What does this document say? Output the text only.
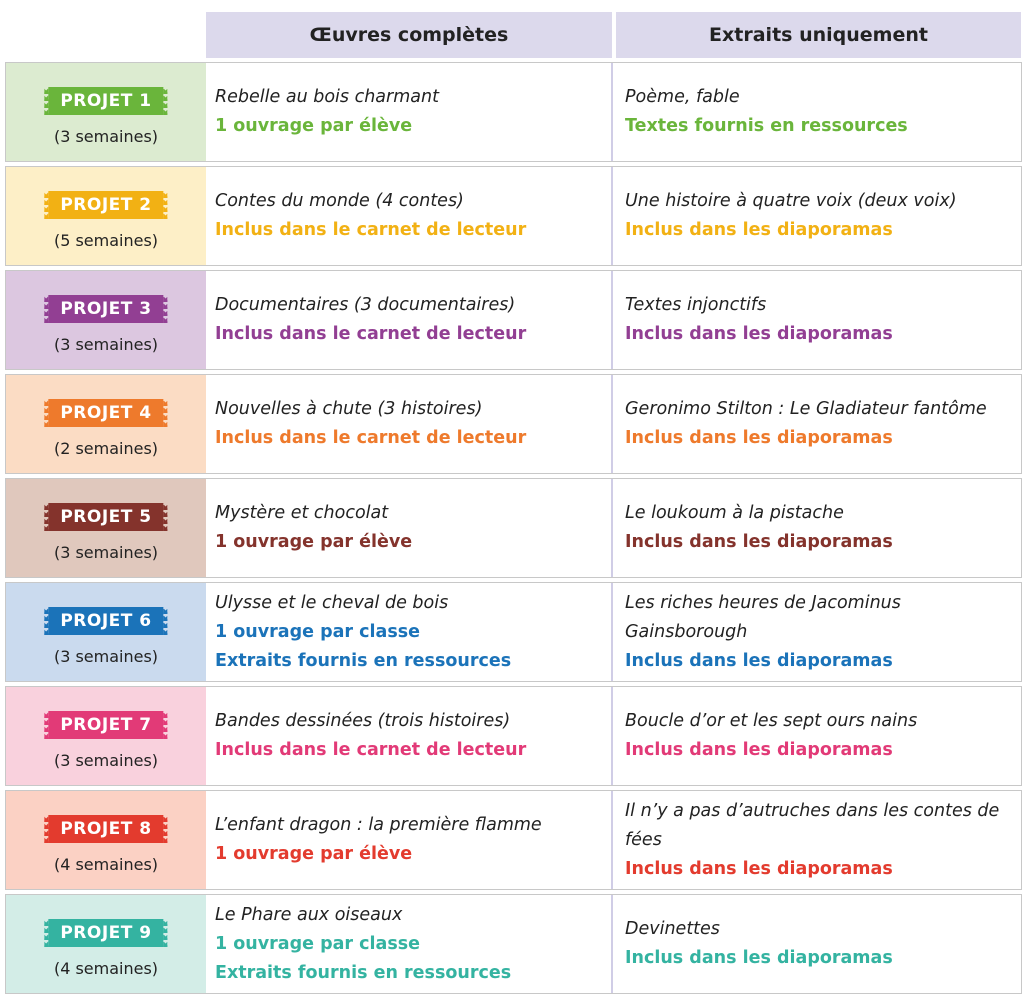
Œuvres complètes	Extraits uniquement
PROJET 1
(3 semaines)
Rebelle au bois charmant
1 ouvrage par élève
Poème, fable
Textes fournis en ressources
PROJET 2
(5 semaines)
Contes du monde (4 contes)
Inclus dans le carnet de lecteur
Une histoire à quatre voix (deux voix)
Inclus dans les diaporamas
PROJET 3
(3 semaines)
Documentaires (3 documentaires)
Inclus dans le carnet de lecteur
Textes injonctifs
Inclus dans les diaporamas
PROJET 4
(2 semaines)
Nouvelles à chute (3 histoires)
Inclus dans le carnet de lecteur
Geronimo Stilton : Le Gladiateur fantôme
Inclus dans les diaporamas
PROJET 5
(3 semaines)
Mystère et chocolat
1 ouvrage par élève
Le loukoum à la pistache
Inclus dans les diaporamas
PROJET 6
(3 semaines)
Ulysse et le cheval de bois
1 ouvrage par classe
Extraits fournis en ressources
Les riches heures de Jacominus Gainsborough
Inclus dans les diaporamas
PROJET 7
(3 semaines)
Bandes dessinées (trois histoires)
Inclus dans le carnet de lecteur
Boucle d’or et les sept ours nains
Inclus dans les diaporamas
PROJET 8
(4 semaines)
L’enfant dragon : la première flamme
1 ouvrage par élève
Il n’y a pas d’autruches dans les contes de fées
Inclus dans les diaporamas
PROJET 9
(4 semaines)
Le Phare aux oiseaux
1 ouvrage par classe
Extraits fournis en ressources
Devinettes
Inclus dans les diaporamas
